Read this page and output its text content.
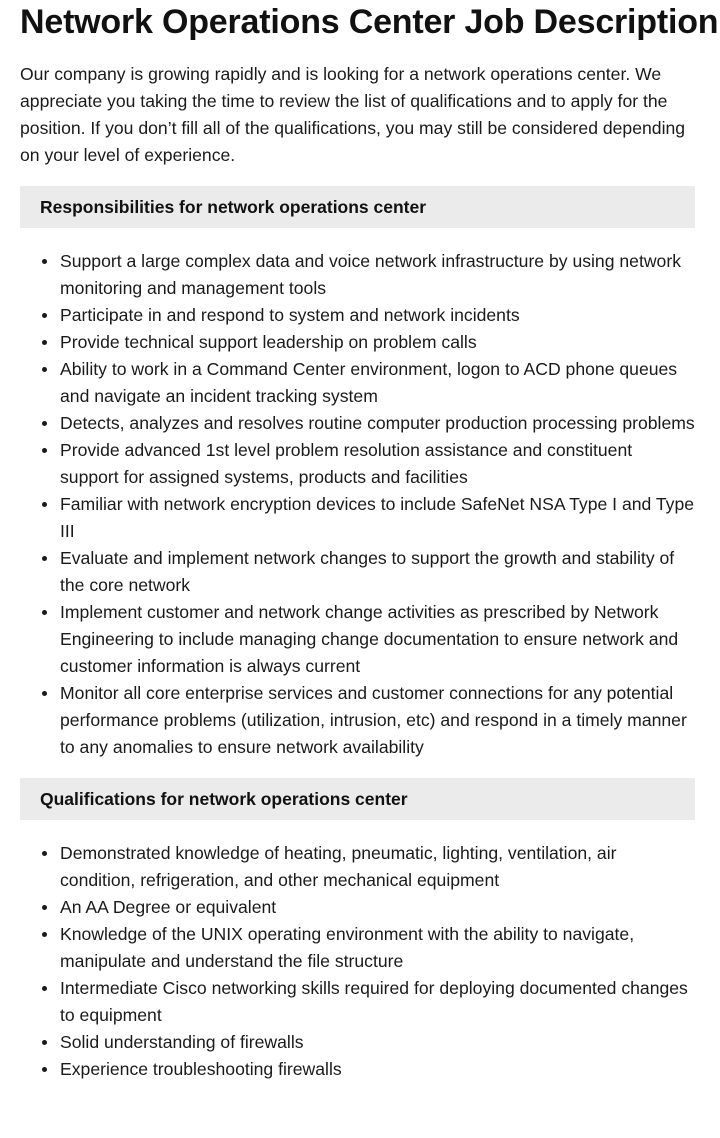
Network Operations Center Job Description

Our company is growing rapidly and is looking for a network operations center. We appreciate you taking the time to review the list of qualifications and to apply for the position. If you don’t fill all of the qualifications, you may still be considered depending on your level of experience.

Responsibilities for network operations center
Support a large complex data and voice network infrastructure by using network monitoring and management tools
Participate in and respond to system and network incidents
Provide technical support leadership on problem calls
Ability to work in a Command Center environment, logon to ACD phone queues and navigate an incident tracking system
Detects, analyzes and resolves routine computer production processing problems
Provide advanced 1st level problem resolution assistance and constituent support for assigned systems, products and facilities
Familiar with network encryption devices to include SafeNet NSA Type I and Type III
Evaluate and implement network changes to support the growth and stability of the core network
Implement customer and network change activities as prescribed by Network Engineering to include managing change documentation to ensure network and customer information is always current
Monitor all core enterprise services and customer connections for any potential performance problems (utilization, intrusion, etc) and respond in a timely manner to any anomalies to ensure network availability
Qualifications for network operations center
Demonstrated knowledge of heating, pneumatic, lighting, ventilation, air condition, refrigeration, and other mechanical equipment
An AA Degree or equivalent
Knowledge of the UNIX operating environment with the ability to navigate, manipulate and understand the file structure
Intermediate Cisco networking skills required for deploying documented changes to equipment
Solid understanding of firewalls
Experience troubleshooting firewalls
